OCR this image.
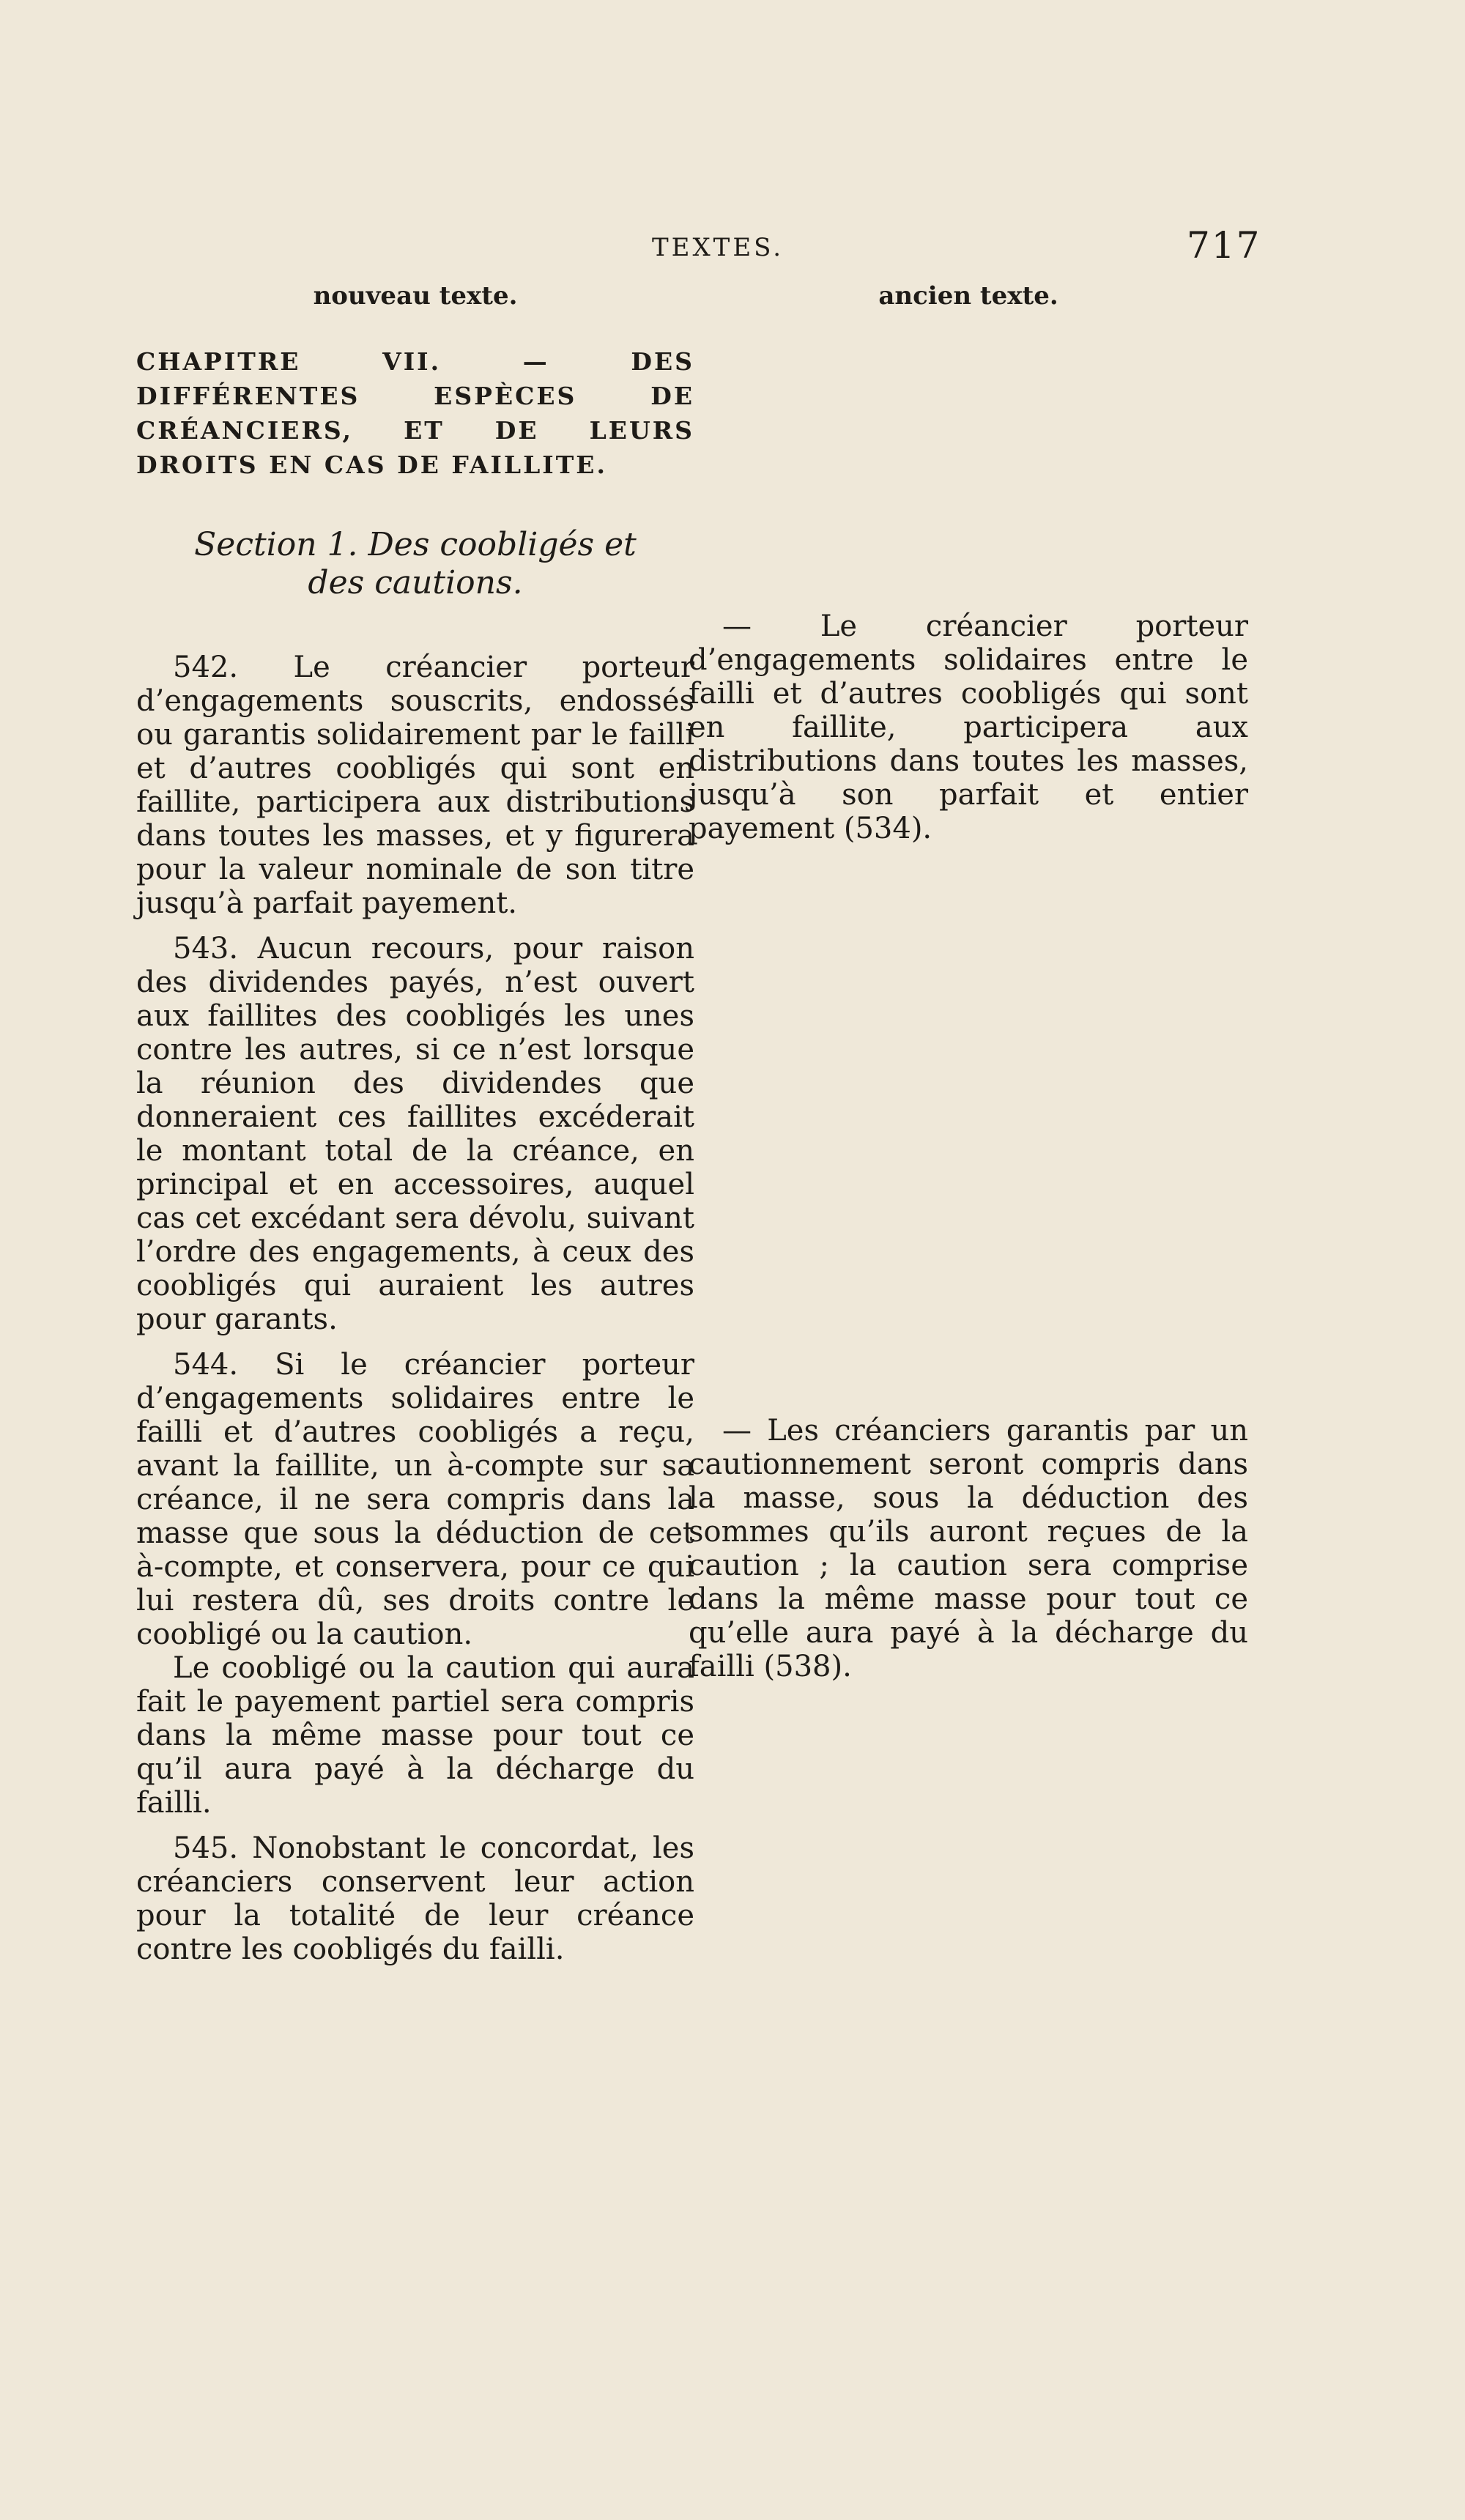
TEXTES.	717
nouveau texte.	ancien texte.

CHAPITRE VII. — DES DIFFÉRENTES ESPÈCES DE CRÉANCIERS, ET DE LEURS DROITS EN CAS DE FAILLITE.

Section 1. Des coobligés et
des cautions.

542. Le créancier porteur d’engagements souscrits, endossés ou garantis solidairement par le failli et d’autres coobligés qui sont en faillite, participera aux distributions dans toutes les masses, et y figurera pour la valeur nominale de son titre jusqu’à parfait payement.

543. Aucun recours, pour raison des dividendes payés, n’est ouvert aux faillites des coobligés les unes contre les autres, si ce n’est lorsque la réunion des dividendes que donneraient ces faillites excéderait le montant total de la créance, en principal et en accessoires, auquel cas cet excédant sera dévolu, suivant l’ordre des engagements, à ceux des coobligés qui auraient les autres pour garants.

544. Si le créancier porteur d’engagements solidaires entre le failli et d’autres coobligés a reçu, avant la faillite, un à-compte sur sa créance, il ne sera compris dans la masse que sous la déduction de cet à-compte, et conservera, pour ce qui lui restera dû, ses droits contre le coobligé ou la caution.

Le coobligé ou la caution qui aura fait le payement partiel sera compris dans la même masse pour tout ce qu’il aura payé à la décharge du failli.

545. Nonobstant le concordat, les créanciers conservent leur action pour la totalité de leur créance contre les coobligés du failli.

— Le créancier porteur d’engagements solidaires entre le failli et d’autres coobligés qui sont en faillite, participera aux distributions dans toutes les masses, jusqu’à son parfait et entier payement (534).

— Les créanciers garantis par un cautionnement seront compris dans la masse, sous la déduction des sommes qu’ils auront reçues de la caution ; la caution sera comprise dans la même masse pour tout ce qu’elle aura payé à la décharge du failli (538).
